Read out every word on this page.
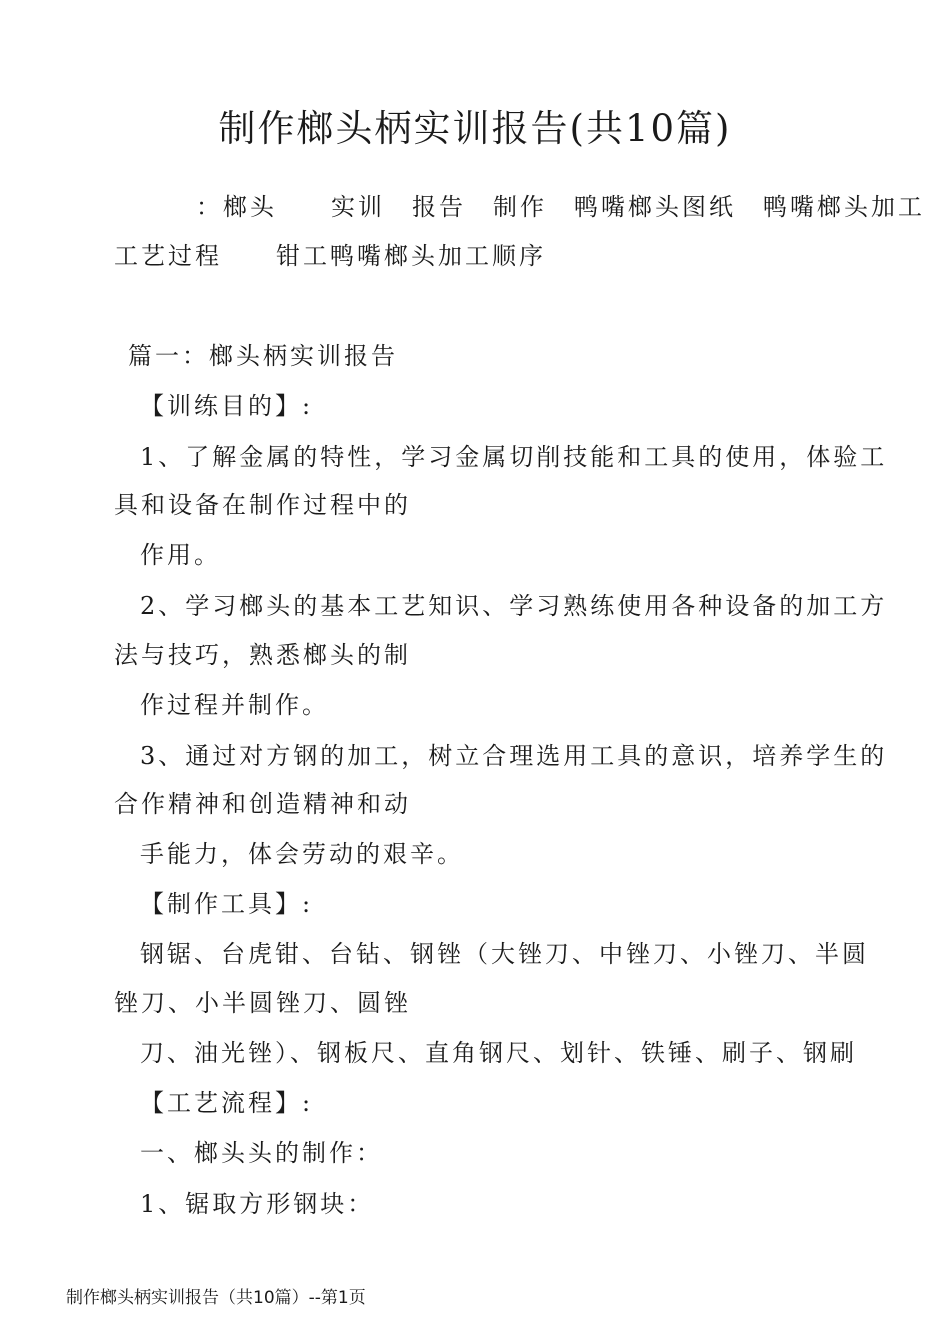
制作榔头柄实训报告(共10篇)
：榔头　　实训　报告　制作　鸭嘴榔头图纸　鸭嘴榔头加工
工艺过程　　钳工鸭嘴榔头加工顺序
篇一：榔头柄实训报告
【训练目的】:
1、了解金属的特性，学习金属切削技能和工具的使用，体验工
具和设备在制作过程中的
作用。
2、学习榔头的基本工艺知识、学习熟练使用各种设备的加工方
法与技巧，熟悉榔头的制
作过程并制作。
3、通过对方钢的加工，树立合理选用工具的意识，培养学生的
合作精神和创造精神和动
手能力，体会劳动的艰辛。
【制作工具】:
钢锯、台虎钳、台钻、钢锉（大锉刀、中锉刀、小锉刀、半圆
锉刀、小半圆锉刀、圆锉
刀、油光锉）、钢板尺、直角钢尺、划针、铁锤、刷子、钢刷
【工艺流程】:
一、榔头头的制作：
1、锯取方形钢块：
制作榔头柄实训报告（共10篇）--第1页
